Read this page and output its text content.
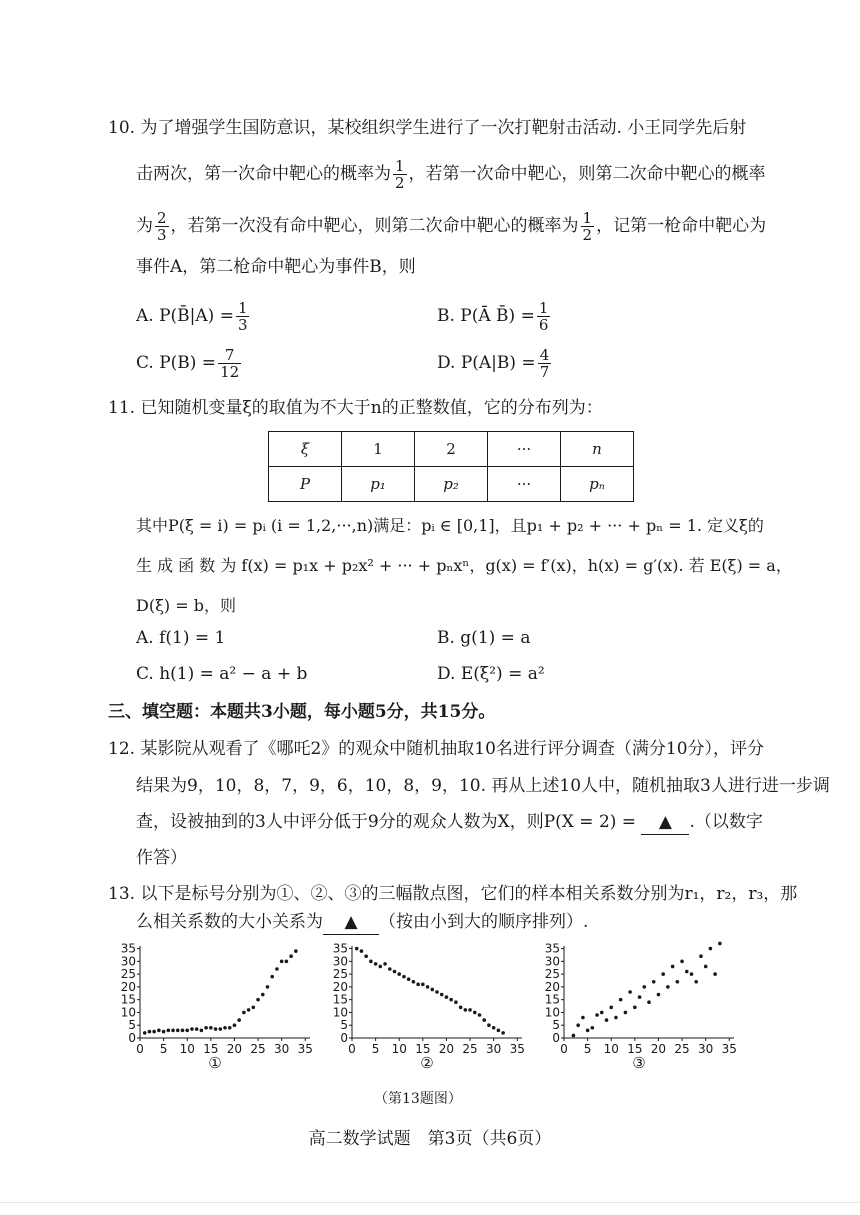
10. 为了增强学生国防意识，某校组织学生进行了一次打靶射击活动. 小王同学先后射
击两次，第一次命中靶心的概率为 $\frac{1}{2}$ ，若第一次命中靶心，则第二次命中靶心的概率
为 $\frac{2}{3}$ ，若第一次没有命中靶心，则第二次命中靶心的概率为 $\frac{1}{2}$ ，记第一枪命中靶心为
事件A，第二枪命中靶心为事件B，则
A. P(B̄|A) = $\frac{1}{3}$	B. P(Ā B̄) = $\frac{1}{6}$
C. $P(B) = \frac{7}{12}$	D. $P(A|B) = \frac{4}{7}$
11. 已知随机变量ξ的取值为不大于n的正整数值，它的分布列为：
ξ	1	2	···	n
P	p₁	p₂	···	pₙ
其中P(ξ = i) = pᵢ (i = 1,2,···,n)满足：pᵢ ∈ [0,1]，且p₁ + p₂ + ··· + pₙ = 1. 定义ξ的
生 成 函 数 为 f(x) = p₁x + p₂x² + ··· + pₙxⁿ，g(x) = f′(x)，h(x) = g′(x). 若 E(ξ) = a，
D(ξ) = b，则
A. f(1) = 1	B. g(1) = a
C. h(1) = a² − a + b	D. E(ξ²) = a²
三、填空题：本题共3小题，每小题5分，共15分。
12. 某影院从观看了《哪吒2》的观众中随机抽取10名进行评分调查（满分10分），评分
结果为9，10，8，7，9，6，10，8，9，10. 再从上述10人中，随机抽取3人进行进一步调
查，设被抽到的3人中评分低于9分的观众人数为X，则P(X = 2) = ▲ .（以数字
作答）
13. 以下是标号分别为①、②、③的三幅散点图，它们的样本相关系数分别为r₁，r₂，r₃，那
么相关系数的大小关系为 ▲ （按由小到大的顺序排列）.
0
5
10
15
20
25
30
35
0 5 10 15 20 25 30 35
①
0
5
10
15
20
25
30
35
0 5 10 15 20 25 30 35
②
0
5
10
15
20
25
30
35
0 5 10 15 20 25 30 35
③
（第13题图）
高二数学试题　第3页（共6页）
